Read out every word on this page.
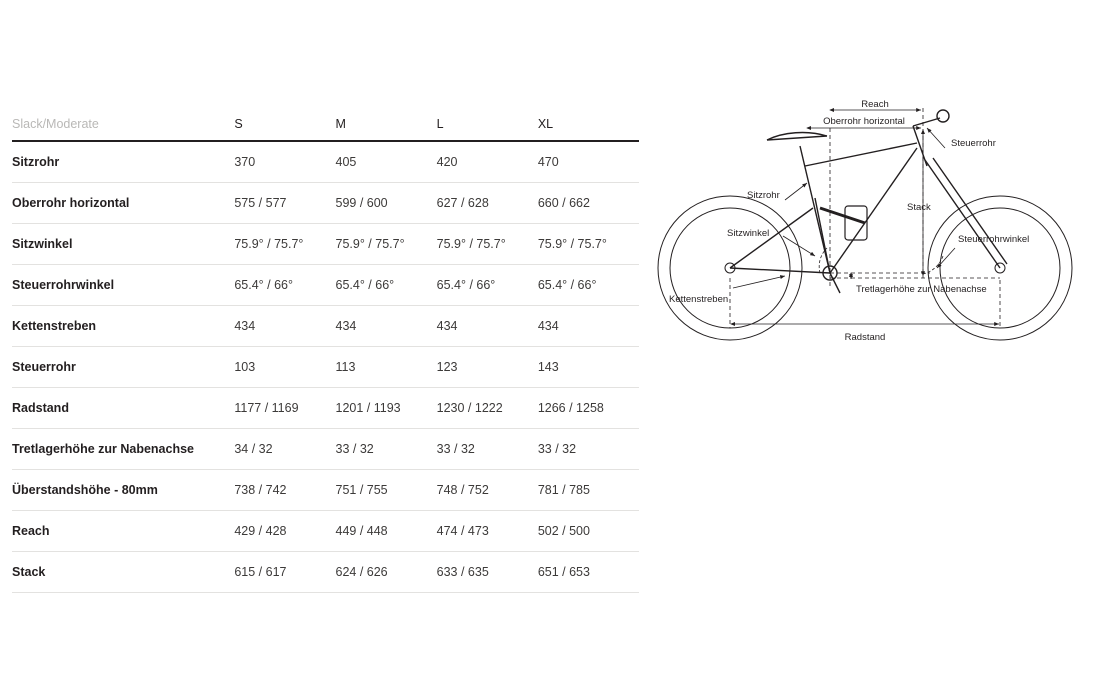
Slack/Moderate	S	M	L	XL
Sitzrohr	370	405	420	470
Oberrohr horizontal	575 / 577	599 / 600	627 / 628	660 / 662
Sitzwinkel	75.9° / 75.7°	75.9° / 75.7°	75.9° / 75.7°	75.9° / 75.7°
Steuerrohrwinkel	65.4° / 66°	65.4° / 66°	65.4° / 66°	65.4° / 66°
Kettenstreben	434	434	434	434
Steuerrohr	103	113	123	143
Radstand	1177 / 1169	1201 / 1193	1230 / 1222	1266 / 1258
Tretlagerhöhe zur Nabenachse	34 / 32	33 / 32	33 / 32	33 / 32
Überstandshöhe - 80mm	738 / 742	751 / 755	748 / 752	781 / 785
Reach	429 / 428	449 / 448	474 / 473	502 / 500
Stack	615 / 617	624 / 626	633 / 635	651 / 653
Reach
Oberrohr horizontal
Steuerrohr
Steuerrohrwinkel
Stack
Sitzrohr
Sitzwinkel
Tretlagerhöhe zur Nabenachse
Kettenstreben
Radstand
